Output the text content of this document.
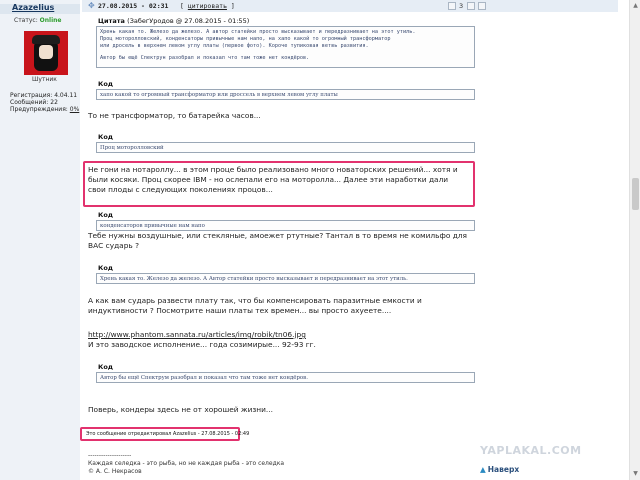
Azazelius
Статус: Online
Шутник
Регистрация: 4.04.11
Сообщений: 22
Предупреждения: 0%
✥ 27.08.2015 - 02:31 [ цитировать ]	3
Цитата (ЗабегУродов @ 27.08.2015 - 01:55)
Хрень какая то. Железо да железо. А автор статейки просто высказывает и передразнивает на этот утиль.
Проц моторолловский, конденсаторы привычные нам напо, на хапо какой то огромный трансформатор
или дросель в верхнем левом углу платы (первое фото). Короче тупиковая ветвь развития.
Автор бы ещё Спектрун разобрал и показал что там тоже нет кондёров.
Код
хапо какой то огромный трансформатор или дроссель в верхнем левом углу платы
То не трансформатор, то батарейка часов...
Код
Проц моторолловский
Не гони на нотароллу... в этом проце было реализовано много новаторских решений... хотя и
были косяки. Проц скорее IBM - но ослепали его на моторолла... Далее эти наработки дали
свои плоды с следующих поколениях процов...
Код
конденсаторов привычные нам напо
Тебе нужны воздушные, или стекляные, амоежет ртутные? Тантал в то время не комильфо для
ВАС сударь ?
Код
Хрень какая то. Железо да железо. А Автор статейки просто высказывает и передразнивает на этот утиль.
А как вам сударь развести плату так, что бы компенсировать паразитные емкости и
индуктивности ? Посмотрите наши платы тех времен... вы просто ахуеете....
http://www.phantom.sannata.ru/articles/img/robik/tn06.jpg
И это заводское исполнение... года созимирые... 92-93 гг.
Код
Автор бы ещё Спектрум разобрал и показал что там тоже нет кондёров.
Поверь, кондеры здесь не от хорошей жизни...
Это сообщение отредактировал Azazelius - 27.08.2015 - 02:49
--------------------
Каждая селедка - это рыба, но не каждая рыба - это селедка
© А. С. Некрасов
YAPLAKAL.COM
▲ Наверх
▲
▼
